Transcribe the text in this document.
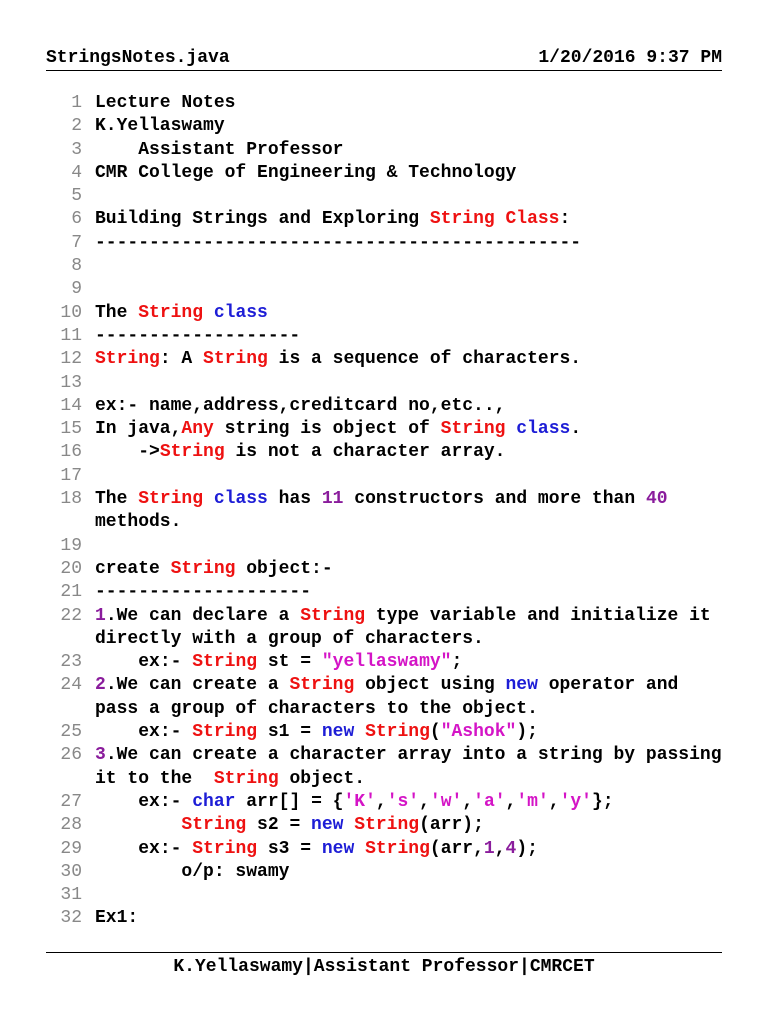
StringsNotes.java	1/20/2016 9:37 PM
1 Lecture Notes
2 K.Yellaswamy
3 Assistant Professor
4 CMR College of Engineering & Technology
5

6 Building Strings and Exploring String Class:
7 ---------------------------------------------
8

9

10 The String class
11 -------------------
12 String: A String is a sequence of characters.
13

14 ex:- name,address,creditcard no,etc..,
15 In java,Any string is object of String class.
16 ->String is not a character array.
17

18 The String class has 11 constructors and more than 40 methods.
19

20 create String object:-
21 --------------------
22 1.We can declare a String type variable and initialize it directly with a group of characters.
23 ex:- String st = "yellaswamy";
24 2.We can create a String object using new operator and pass a group of characters to the object.
25 ex:- String s1 = new String("Ashok");
26 3.We can create a character array into a string by passing it to the  String object.
27 ex:- char arr[] = {'K','s','w','a','m','y'};
28	String s2 = new String(arr);
29 ex:- String s3 = new String(arr,1,4);
30 o/p: swamy
31

32 Ex1:
K.Yellaswamy|Assistant Professor|CMRCET
